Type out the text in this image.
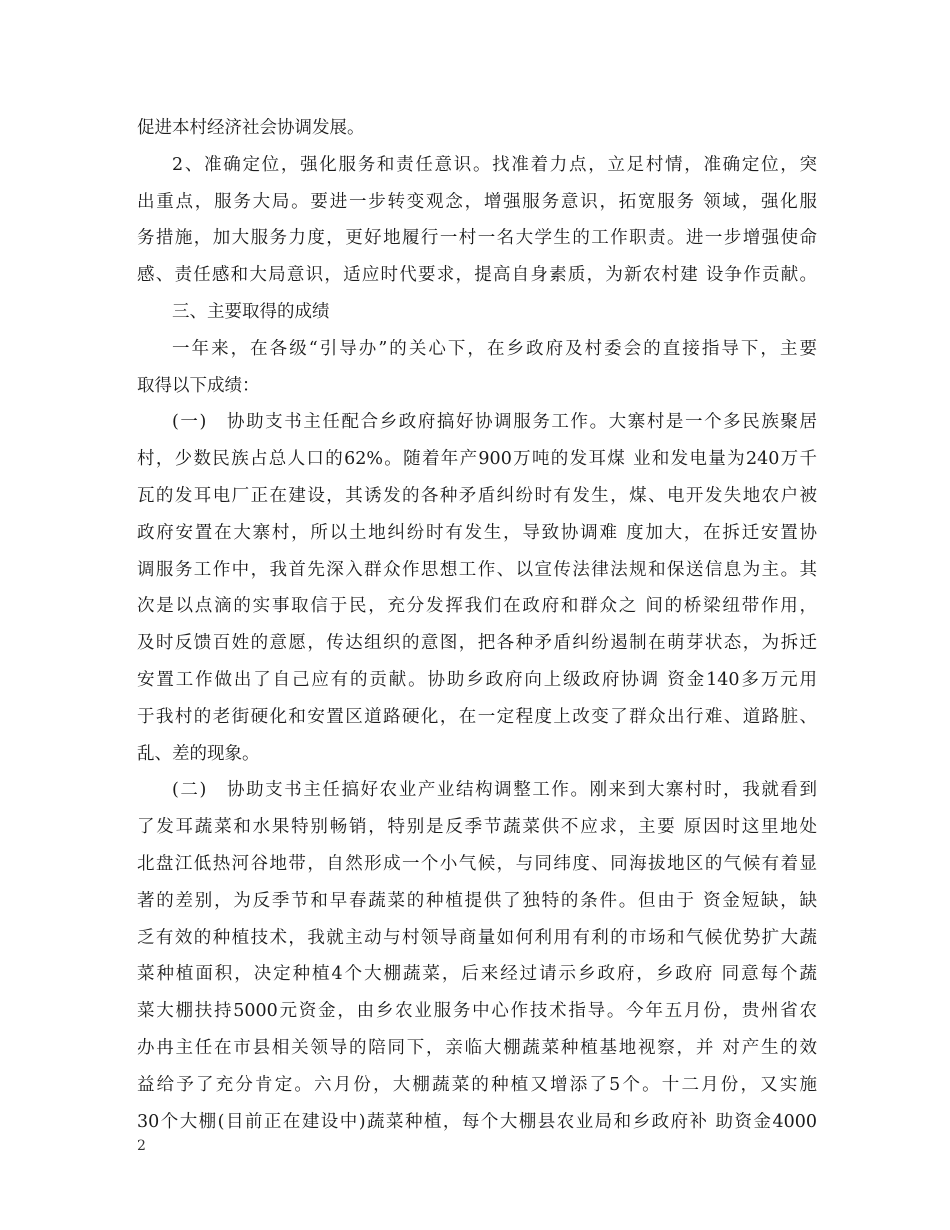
促进本村经济社会协调发展。
2、准确定位，强化服务和责任意识。找准着力点，立足村情，准确定位，突
出重点，服务大局。要进一步转变观念，增强服务意识，拓宽服务 领域，强化服
务措施，加大服务力度，更好地履行一村一名大学生的工作职责。进一步增强使命
感、责任感和大局意识，适应时代要求，提高自身素质，为新农村建 设争作贡献。
三、主要取得的成绩
一年来，在各级“引导办”的关心下，在乡政府及村委会的直接指导下，主要
取得以下成绩：
(一)　协助支书主任配合乡政府搞好协调服务工作。大寨村是一个多民族聚居
村，少数民族占总人口的62%。随着年产900万吨的发耳煤 业和发电量为240万千
瓦的发耳电厂正在建设，其诱发的各种矛盾纠纷时有发生，煤、电开发失地农户被
政府安置在大寨村，所以土地纠纷时有发生，导致协调难 度加大，在拆迁安置协
调服务工作中，我首先深入群众作思想工作、以宣传法律法规和保送信息为主。其
次是以点滴的实事取信于民，充分发挥我们在政府和群众之 间的桥梁纽带作用，
及时反馈百姓的意愿，传达组织的意图，把各种矛盾纠纷遏制在萌芽状态，为拆迁
安置工作做出了自己应有的贡献。协助乡政府向上级政府协调 资金140多万元用
于我村的老街硬化和安置区道路硬化，在一定程度上改变了群众出行难、道路脏、
乱、差的现象。
(二)　协助支书主任搞好农业产业结构调整工作。刚来到大寨村时，我就看到
了发耳蔬菜和水果特别畅销，特别是反季节蔬菜供不应求，主要 原因时这里地处
北盘江低热河谷地带，自然形成一个小气候，与同纬度、同海拔地区的气候有着显
著的差别，为反季节和早春蔬菜的种植提供了独特的条件。但由于 资金短缺，缺
乏有效的种植技术，我就主动与村领导商量如何利用有利的市场和气候优势扩大蔬
菜种植面积，决定种植4个大棚蔬菜，后来经过请示乡政府，乡政府 同意每个蔬
菜大棚扶持5000元资金，由乡农业服务中心作技术指导。今年五月份，贵州省农
办冉主任在市县相关领导的陪同下，亲临大棚蔬菜种植基地视察，并 对产生的效
益给予了充分肯定。六月份，大棚蔬菜的种植又增添了5个。十二月份，又实施
30个大棚(目前正在建设中)蔬菜种植，每个大棚县农业局和乡政府补 助资金4000
2
